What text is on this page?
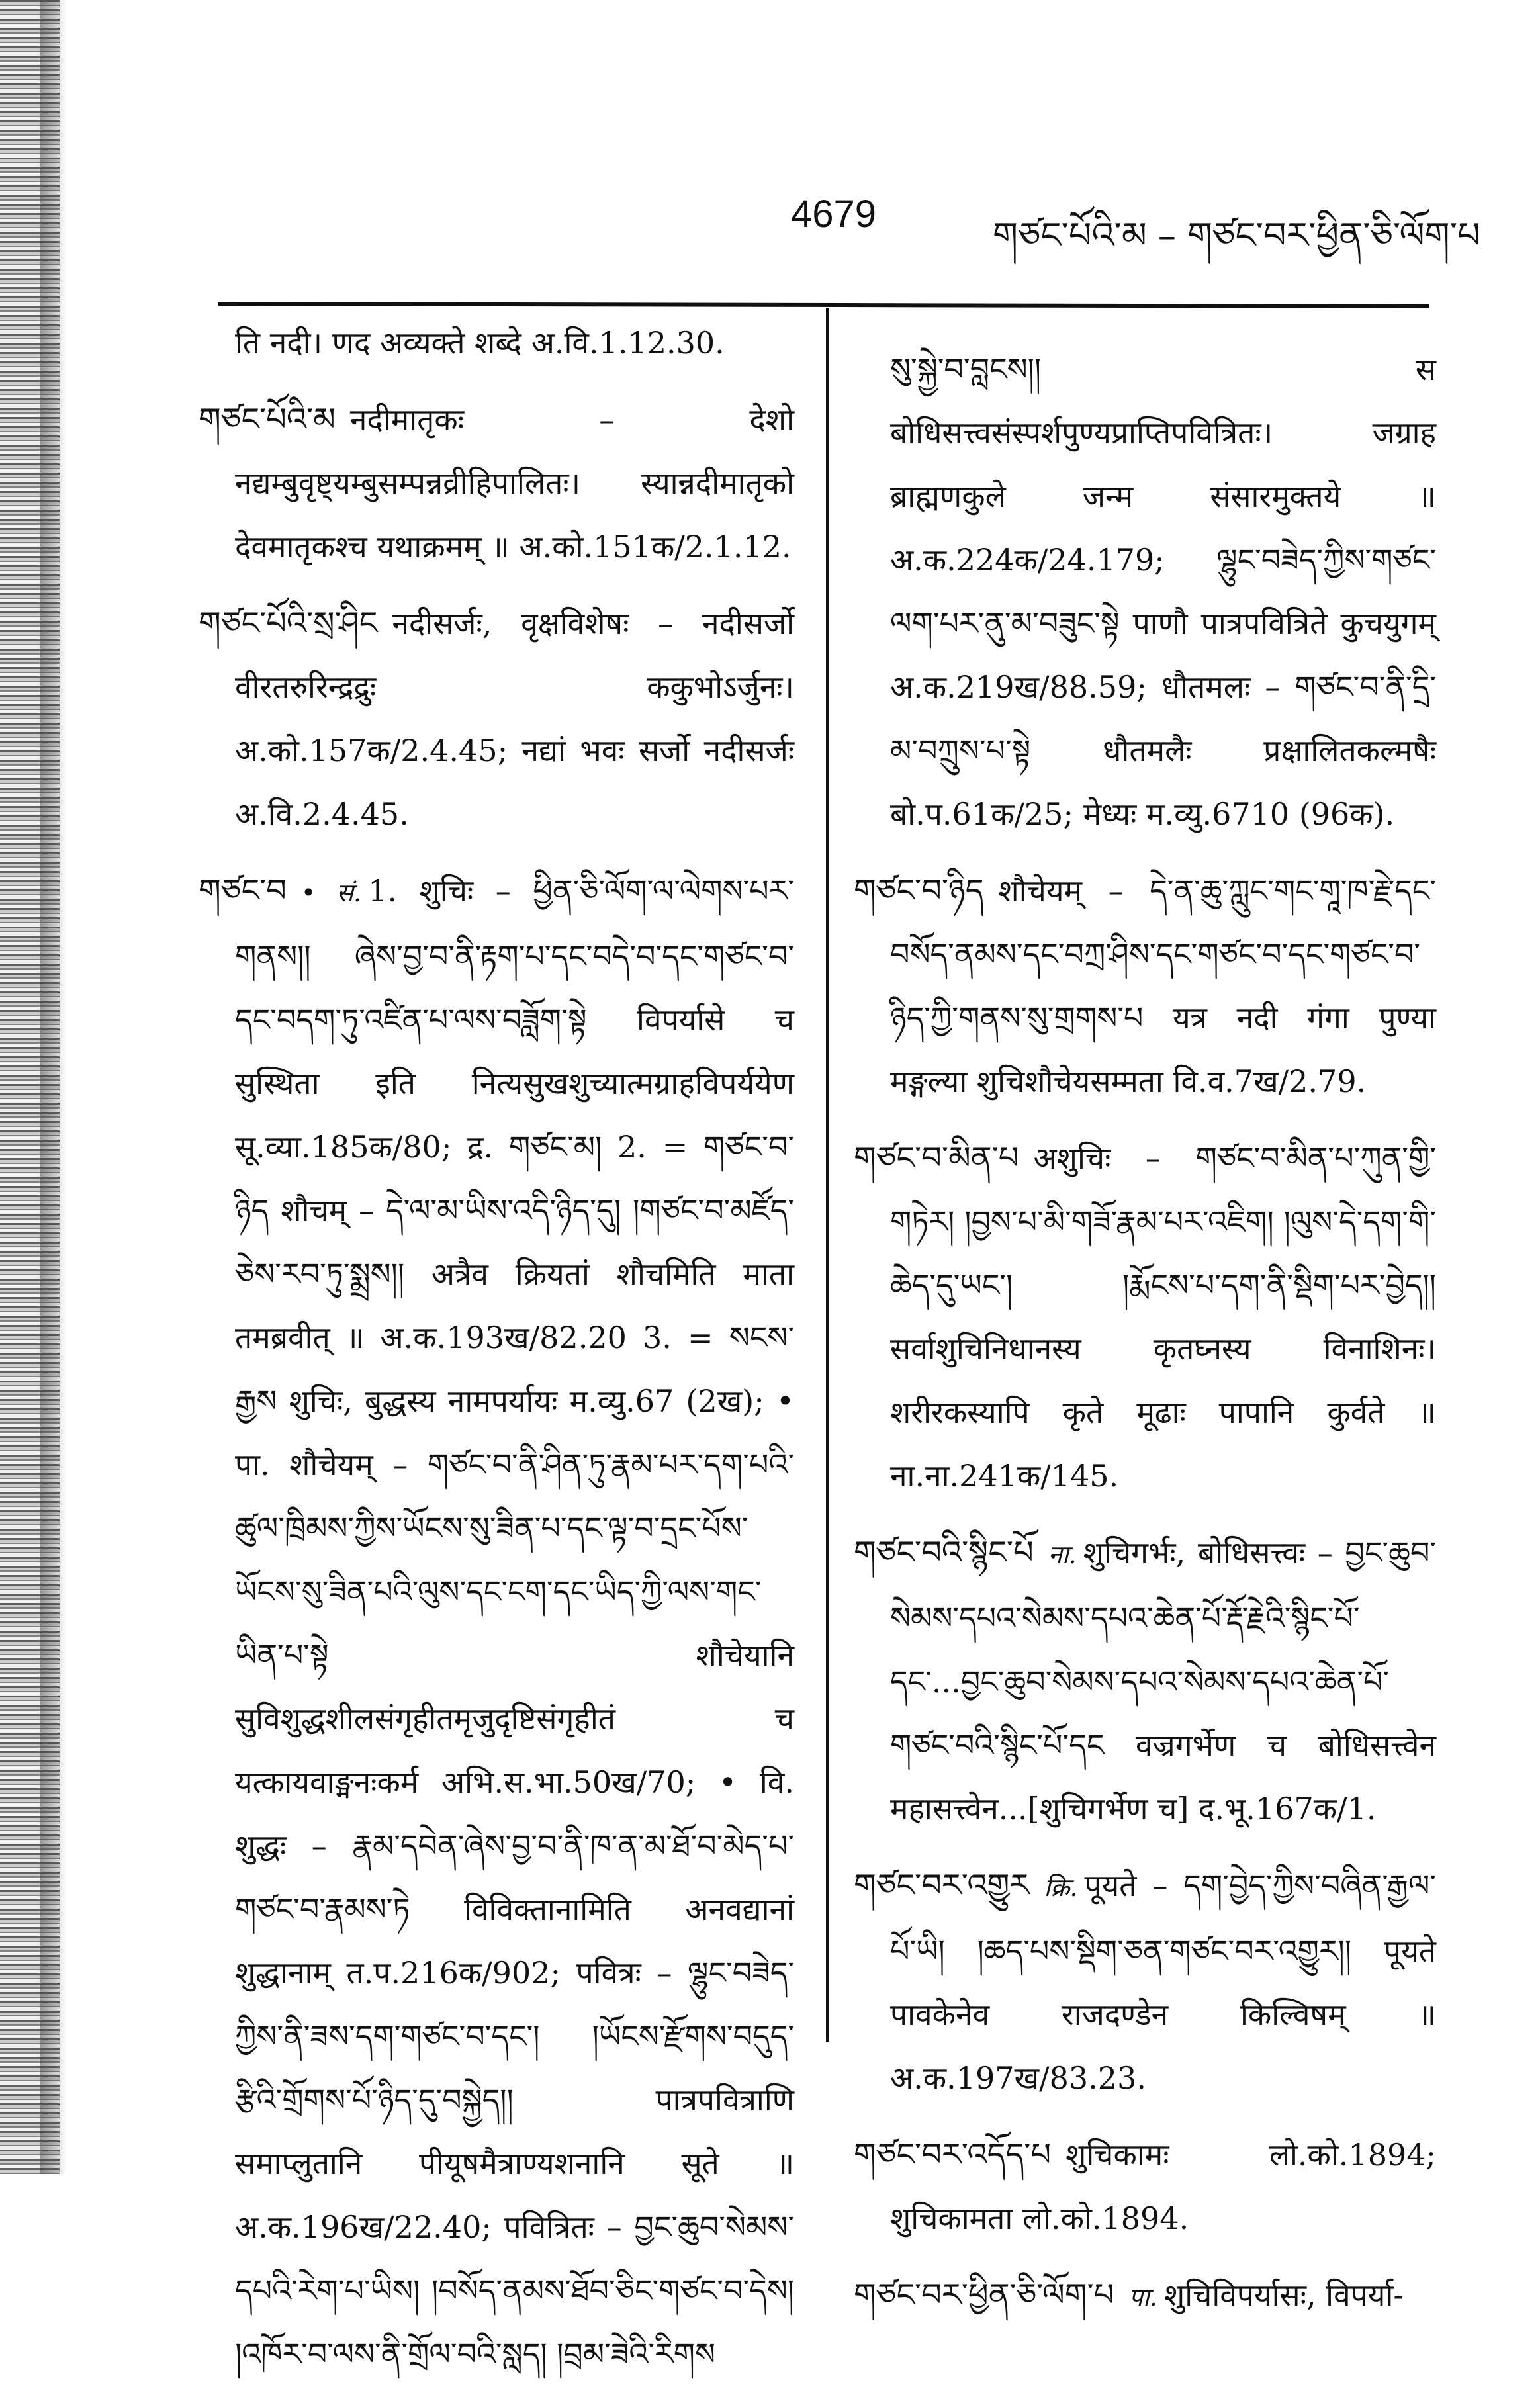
4679	གཙང་པོའི་མ – གཙང་བར་ཕྱིན་ཅི་ལོག་པ
ति नदी। णद अव्यक्ते शब्दे अ.वि.1.12.30.
གཙང་པོའི་མ नदीमातृकः – देशो नद्यम्बुवृष्ट्यम्बुसम्पन्नव्रीहिपालितः। स्यान्नदीमातृको देवमातृकश्च यथाक्रमम् ॥ अ.को.151क/2.1.12.
གཙང་པོའི་སྲ་ཤིང नदीसर्जः, वृक्षविशेषः – नदीसर्जो वीरतरुरिन्द्रद्रुः ककुभोऽर्जुनः। अ.को.157क/2.4.45; नद्यां भवः सर्जो नदीसर्जः अ.वि.2.4.45.
གཙང་བ • सं. 1. शुचिः – ཕྱིན་ཅི་ལོག་ལ་ལེགས་པར་གནས།། ཞེས་བྱ་བ་ནི་རྟག་པ་དང་བདེ་བ་དང་གཙང་བ་དང་བདག་ཏུ་འཛིན་པ་ལས་བཟློག་སྟེ विपर्यासे च सुस्थिता इति नित्यसुखशुच्यात्मग्राहविपर्ययेण सू.व्या.185क/80; द्र. གཙང་མ། 2. = གཙང་བ་ཉིད शौचम् – དེ་ལ་མ་ཡིས་འདི་ཉིད་དུ། །གཙང་བ་མཛོད་ཅེས་རབ་ཏུ་སྨྲས།། अत्रैव क्रियतां शौचमिति माता तमब्रवीत् ॥ अ.क.193ख/82.20 3. = སངས་རྒྱས शुचिः, बुद्धस्य नामपर्यायः म.व्यु.67 (2ख); • पा. शौचेयम् – གཙང་བ་ནི་ཤིན་ཏུ་རྣམ་པར་དག་པའི་ཚུལ་ཁྲིམས་ཀྱིས་ཡོངས་སུ་ཟིན་པ་དང་ལྟ་བ་དྲང་པོས་ཡོངས་སུ་ཟིན་པའི་ལུས་དང་ངག་དང་ཡིད་ཀྱི་ལས་གང་ཡིན་པ་སྟེ शौचेयानि सुविशुद्धशीलसंगृहीतमृजुदृष्टिसंगृहीतं च यत्कायवाङ्मनःकर्म अभि.स.भा.50ख/70; • वि. शुद्धः – རྣམ་དབེན་ཞེས་བྱ་བ་ནི་ཁ་ན་མ་ཐོ་བ་མེད་པ་གཙང་བ་རྣམས་ཏེ विविक्तानामिति अनवद्यानां शुद्धानाम् त.प.216क/902; पवित्रः – ལྷུང་བཟེད་ཀྱིས་ནི་ཟས་དག་གཙང་བ་དང་། །ཡོངས་རྫོགས་བདུད་རྩིའི་གྲོགས་པོ་ཉིད་དུ་བསྐྱེད།། पात्रपवित्राणि समाप्लुतानि पीयूषमैत्राण्यशनानि सूते ॥ अ.क.196ख/22.40; पवित्रितः – བྱང་ཆུབ་སེམས་དཔའི་རེག་པ་ཡིས། །བསོད་ནམས་ཐོབ་ཅིང་གཙང་བ་དེས། །འཁོར་བ་ལས་ནི་གྲོལ་བའི་སླད། །བྲམ་ཟེའི་རིགས
སུ་སྐྱེ་བ་བླངས།། स बोधिसत्त्वसंस्पर्शपुण्यप्राप्तिपवित्रितः। जग्राह ब्राह्मणकुले जन्म संसारमुक्तये ॥ अ.क.224क/24.179; ལྷུང་བཟེད་ཀྱིས་གཙང་ལག་པར་ནུ་མ་བཟུང་སྟེ पाणौ पात्रपवित्रिते कुचयुगम् अ.क.219ख/88.59; धौतमलः – གཙང་བ་ནི་དྲི་མ་བཀྲུས་པ་སྟེ धौतमलैः प्रक्षालितकल्मषैः बो.प.61क/25; मेध्यः म.व्यु.6710 (96क).
གཙང་བ་ཉིད शौचेयम् – དེ་ན་ཆུ་ཀླུང་གང་གཱ་ཁ་རྗེ་དང་བསོད་ནམས་དང་བཀྲ་ཤིས་དང་གཙང་བ་དང་གཙང་བ་ཉིད་ཀྱི་གནས་སུ་གྲགས་པ यत्र नदी गंगा पुण्या मङ्गल्या शुचिशौचेयसम्मता वि.व.7ख/2.79.
གཙང་བ་མིན་པ अशुचिः – གཙང་བ་མིན་པ་ཀུན་གྱི་གཏེར། །བྱས་པ་མི་གཟོ་རྣམ་པར་འཇིག། །ལུས་དེ་དག་གི་ཆེད་དུ་ཡང་། །རྨོངས་པ་དག་ནི་སྡིག་པར་བྱེད།། सर्वाशुचिनिधानस्य कृतघ्नस्य विनाशिनः। शरीरकस्यापि कृते मूढाः पापानि कुर्वते ॥ ना.ना.241क/145.
གཙང་བའི་སྙིང་པོ ना. शुचिगर्भः, बोधिसत्त्वः – བྱང་ཆུབ་སེམས་དཔའ་སེམས་དཔའ་ཆེན་པོ་རྡོ་རྗེའི་སྙིང་པོ་དང་...བྱང་ཆུབ་སེམས་དཔའ་སེམས་དཔའ་ཆེན་པོ་གཙང་བའི་སྙིང་པོ་དང वज्रगर्भेण च बोधिसत्त्वेन महासत्त्वेन...[शुचिगर्भेण च] द.भू.167क/1.
གཙང་བར་འགྱུར क्रि. पूयते – དག་བྱེད་ཀྱིས་བཞིན་རྒྱལ་པོ་ཡི། །ཆད་པས་སྡིག་ཅན་གཙང་བར་འགྱུར།། पूयते पावकेनेव राजदण्डेन किल्विषम् ॥ अ.क.197ख/83.23.
གཙང་བར་འདོད་པ शुचिकामः लो.को.1894; शुचिकामता लो.को.1894.
གཙང་བར་ཕྱིན་ཅི་ལོག་པ पा. शुचिविपर्यासः, विपर्या-
